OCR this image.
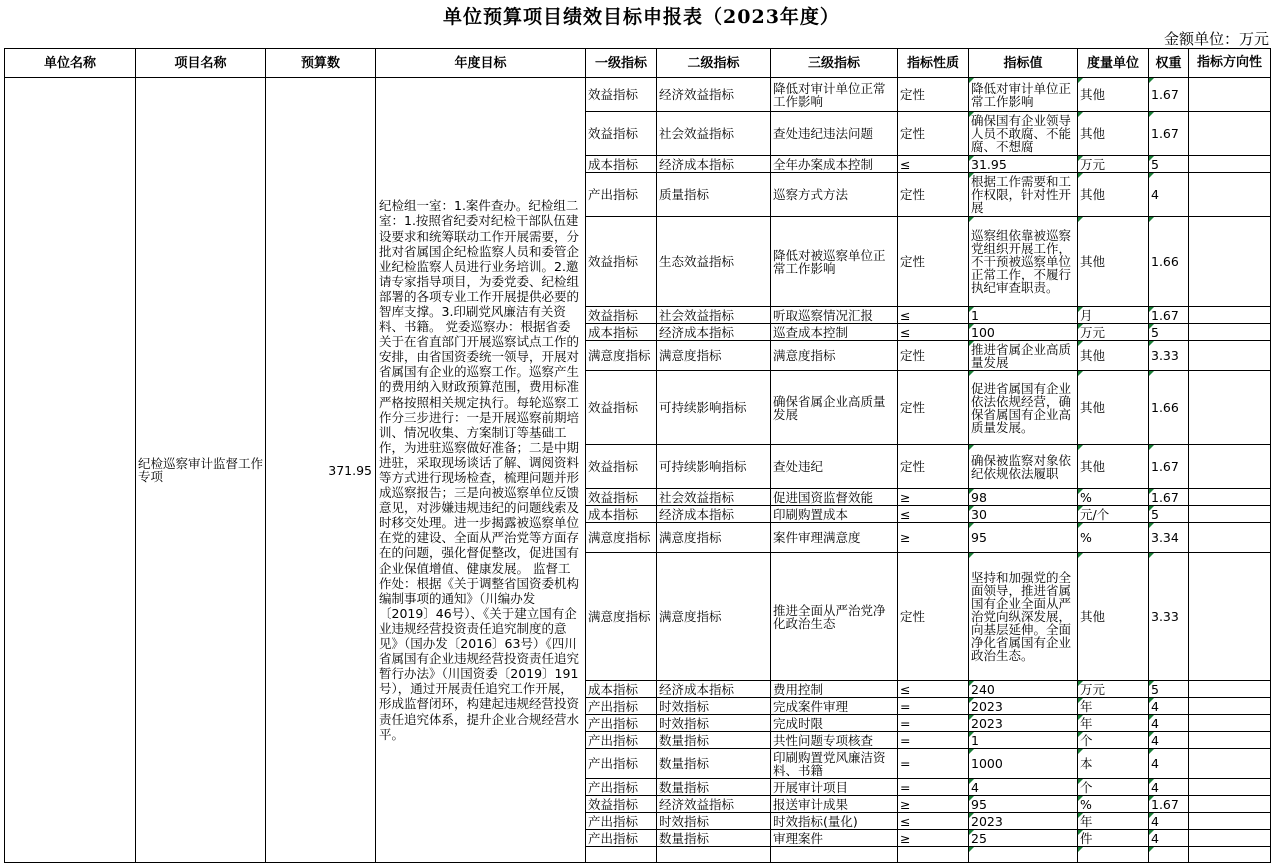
单位预算项目绩效目标申报表（2023年度）
金额单位：万元
单位名称	项目名称	预算数	年度目标	一级指标	二级指标	三级指标	指标性质	指标值	度量单位	权重	指标方向性
	纪检巡察审计监督工作专项	371.95	纪检组一室：1.案件查办。纪检组二室：1.按照省纪委对纪检干部队伍建设要求和统筹联动工作开展需要，分批对省属国企纪检监察人员和委管企业纪检监察人员进行业务培训。2.邀请专家指导项目，为委党委、纪检组部署的各项专业工作开展提供必要的智库支撑。3.印刷党风廉洁有关资料、书籍。 党委巡察办：根据省委关于在省直部门开展巡察试点工作的安排，由省国资委统一领导，开展对省属国有企业的巡察工作。巡察产生的费用纳入财政预算范围，费用标准严格按照相关规定执行。每轮巡察工作分三步进行：一是开展巡察前期培训、情况收集、方案制订等基础工作，为进驻巡察做好准备；二是中期进驻，采取现场谈话了解、调阅资料等方式进行现场检查，梳理问题并形成巡察报告；三是向被巡察单位反馈意见，对涉嫌违规违纪的问题线索及时移交处理。进一步揭露被巡察单位在党的建设、全面从严治党等方面存在的问题，强化督促整改，促进国有企业保值增值、健康发展。 监督工作处：根据《关于调整省国资委机构编制事项的通知》（川编办发〔2019〕46号）、《关于建立国有企业违规经营投资责任追究制度的意见》（国办发〔2016〕63号）《四川省属国有企业违规经营投资责任追究暂行办法》（川国资委〔2019〕191号），通过开展责任追究工作开展，形成监督闭环，构建起违规经营投资责任追究体系，提升企业合规经营水平。	效益指标	经济效益指标	降低对审计单位正常工作影响	定性	降低对审计单位正常工作影响	其他	1.67	
				效益指标	社会效益指标	查处违纪违法问题	定性	确保国有企业领导人员不敢腐、不能腐、不想腐	其他	1.67	
				成本指标	经济成本指标	全年办案成本控制	≤	31.95	万元	5	
				产出指标	质量指标	巡察方式方法	定性	根据工作需要和工作权限，针对性开展	其他	4	
				效益指标	生态效益指标	降低对被巡察单位正常工作影响	定性	巡察组依靠被巡察党组织开展工作，不干预被巡察单位正常工作，不履行执纪审查职责。	其他	1.66	
				效益指标	社会效益指标	听取巡察情况汇报	≤	1	月	1.67	
				成本指标	经济成本指标	巡查成本控制	≤	100	万元	5	
				满意度指标	满意度指标	满意度指标	定性	推进省属企业高质量发展	其他	3.33	
				效益指标	可持续影响指标	确保省属企业高质量发展	定性	促进省属国有企业依法依规经营，确保省属国有企业高质量发展。	其他	1.66	
				效益指标	可持续影响指标	查处违纪	定性	确保被监察对象依纪依规依法履职	其他	1.67	
				效益指标	社会效益指标	促进国资监督效能	≥	98	%	1.67	
				成本指标	经济成本指标	印刷购置成本	≤	30	元/个	5	
				满意度指标	满意度指标	案件审理满意度	≥	95	%	3.34	
				满意度指标	满意度指标	推进全面从严治党净化政治生态	定性	坚持和加强党的全面领导，推进省属国有企业全面从严治党向纵深发展，向基层延伸。全面净化省属国有企业政治生态。	其他	3.33	
				成本指标	经济成本指标	费用控制	≤	240	万元	5	
				产出指标	时效指标	完成案件审理	=	2023	年	4	
				产出指标	时效指标	完成时限	=	2023	年	4	
				产出指标	数量指标	共性问题专项核查	=	1	个	4	
				产出指标	数量指标	印刷购置党风廉洁资料、书籍	=	1000	本	4	
				产出指标	数量指标	开展审计项目	=	4	个	4	
				效益指标	经济效益指标	报送审计成果	≥	95	%	1.67	
				产出指标	时效指标	时效指标(量化)	≤	2023	年	4	
				产出指标	数量指标	审理案件	≥	25	件	4	
